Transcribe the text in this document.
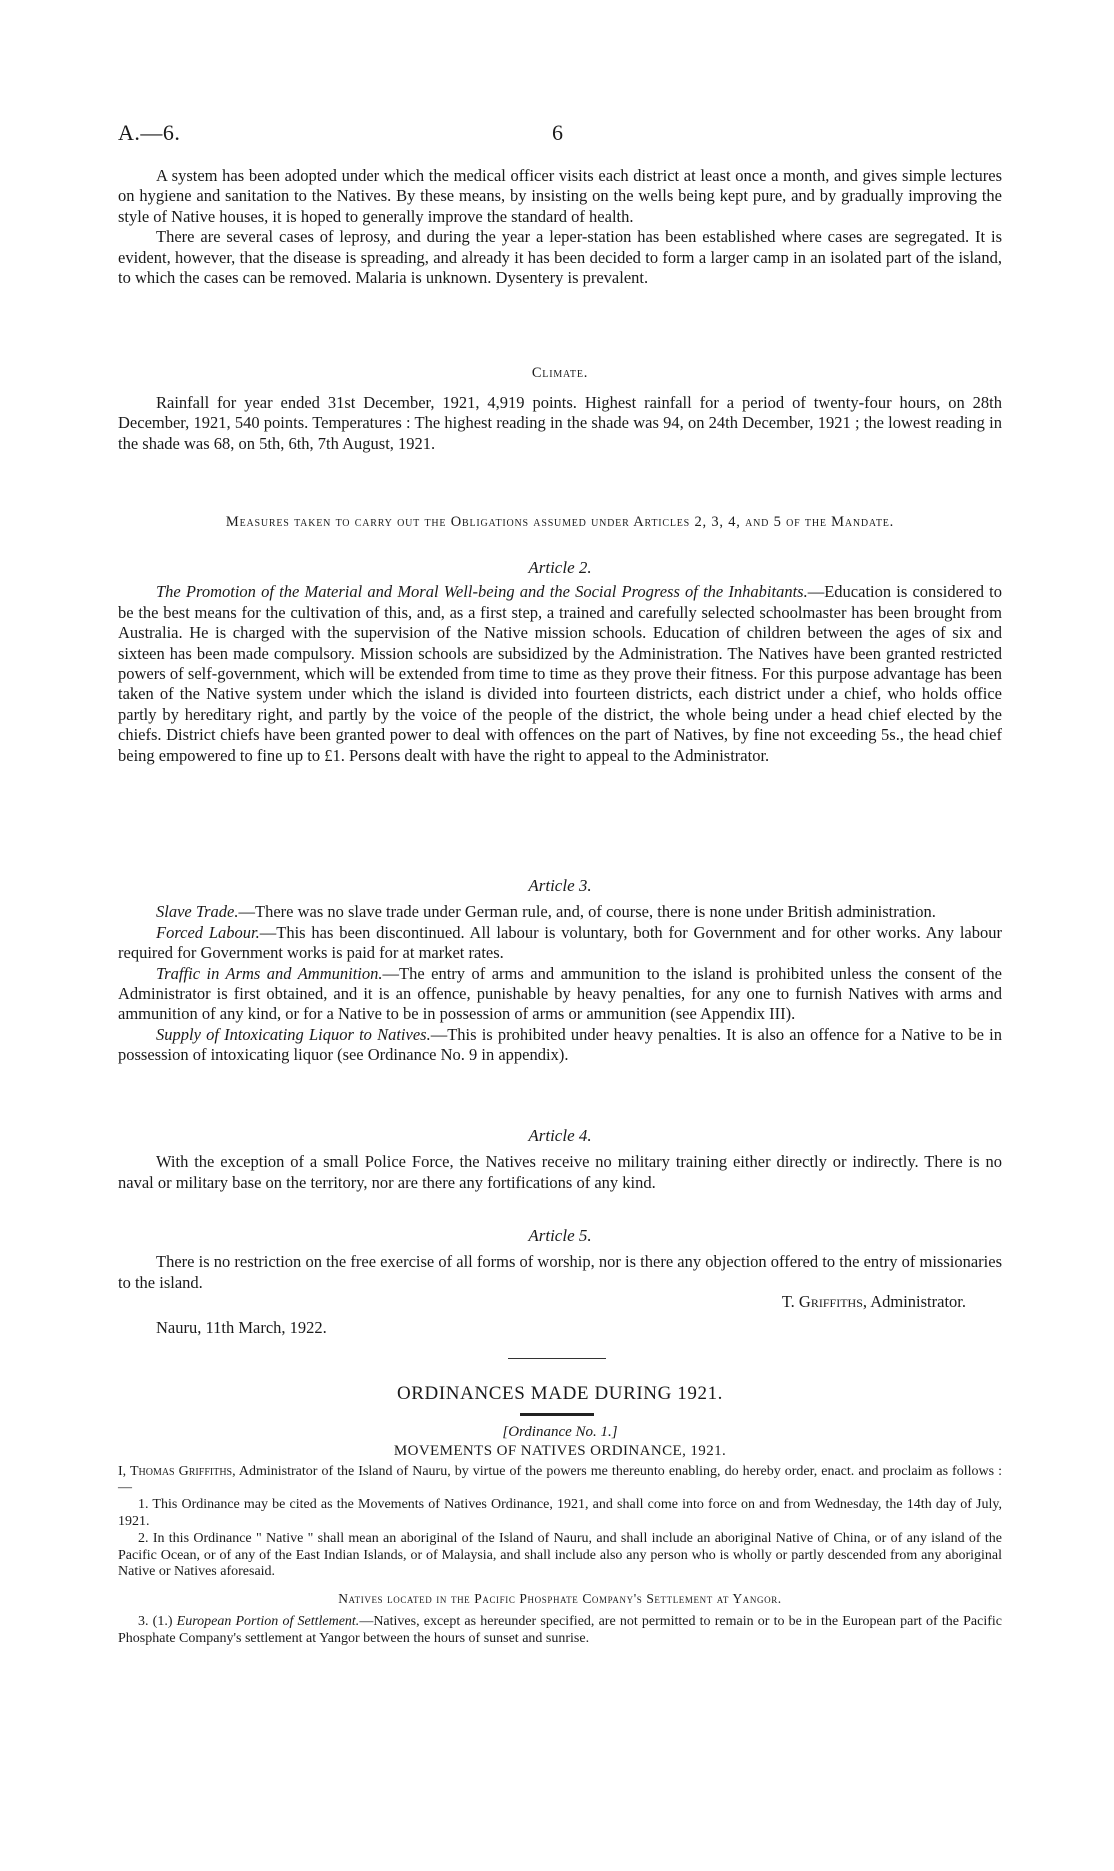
A.—6.	6

A system has been adopted under which the medical officer visits each district at least once a month, and gives simple lectures on hygiene and sanitation to the Natives. By these means, by insisting on the wells being kept pure, and by gradually improving the style of Native houses, it is hoped to generally improve the standard of health.

There are several cases of leprosy, and during the year a leper-station has been established where cases are segregated. It is evident, however, that the disease is spreading, and already it has been decided to form a larger camp in an isolated part of the island, to which the cases can be removed. Malaria is unknown. Dysentery is prevalent.

Climate.

Rainfall for year ended 31st December, 1921, 4,919 points. Highest rainfall for a period of twenty-four hours, on 28th December, 1921, 540 points. Temperatures : The highest reading in the shade was 94, on 24th December, 1921 ; the lowest reading in the shade was 68, on 5th, 6th, 7th August, 1921.

Measures taken to carry out the Obligations assumed under Articles 2, 3, 4, and 5 of the Mandate.
Article 2.

The Promotion of the Material and Moral Well-being and the Social Progress of the Inhabitants.—Education is considered to be the best means for the cultivation of this, and, as a first step, a trained and carefully selected schoolmaster has been brought from Australia. He is charged with the supervision of the Native mission schools. Education of children between the ages of six and sixteen has been made compulsory. Mission schools are subsidized by the Administration. The Natives have been granted restricted powers of self-government, which will be extended from time to time as they prove their fitness. For this purpose advantage has been taken of the Native system under which the island is divided into fourteen districts, each district under a chief, who holds office partly by hereditary right, and partly by the voice of the people of the district, the whole being under a head chief elected by the chiefs. District chiefs have been granted power to deal with offences on the part of Natives, by fine not exceeding 5s., the head chief being empowered to fine up to £1. Persons dealt with have the right to appeal to the Administrator.

Article 3.

Slave Trade.—There was no slave trade under German rule, and, of course, there is none under British administration.

Forced Labour.—This has been discontinued. All labour is voluntary, both for Government and for other works. Any labour required for Government works is paid for at market rates.

Traffic in Arms and Ammunition.—The entry of arms and ammunition to the island is prohibited unless the consent of the Administrator is first obtained, and it is an offence, punishable by heavy penalties, for any one to furnish Natives with arms and ammunition of any kind, or for a Native to be in possession of arms or ammunition (see Appendix III).

Supply of Intoxicating Liquor to Natives.—This is prohibited under heavy penalties. It is also an offence for a Native to be in possession of intoxicating liquor (see Ordinance No. 9 in appendix).

Article 4.

With the exception of a small Police Force, the Natives receive no military training either directly or indirectly. There is no naval or military base on the territory, nor are there any fortifications of any kind.

Article 5.

There is no restriction on the free exercise of all forms of worship, nor is there any objection offered to the entry of missionaries to the island.

T. Griffiths, Administrator.
Nauru, 11th March, 1922.
ORDINANCES MADE DURING 1921.
[Ordinance No. 1.]
MOVEMENTS OF NATIVES ORDINANCE, 1921.

I, Thomas Griffiths, Administrator of the Island of Nauru, by virtue of the powers me thereunto enabling, do hereby order, enact. and proclaim as follows :—

1. This Ordinance may be cited as the Movements of Natives Ordinance, 1921, and shall come into force on and from Wednesday, the 14th day of July, 1921.

2. In this Ordinance " Native " shall mean an aboriginal of the Island of Nauru, and shall include an aboriginal Native of China, or of any island of the Pacific Ocean, or of any of the East Indian Islands, or of Malaysia, and shall include also any person who is wholly or partly descended from any aboriginal Native or Natives aforesaid.

Natives located in the Pacific Phosphate Company's Settlement at Yangor.

3. (1.) European Portion of Settlement.—Natives, except as hereunder specified, are not permitted to remain or to be in the European part of the Pacific Phosphate Company's settlement at Yangor between the hours of sunset and sunrise.
